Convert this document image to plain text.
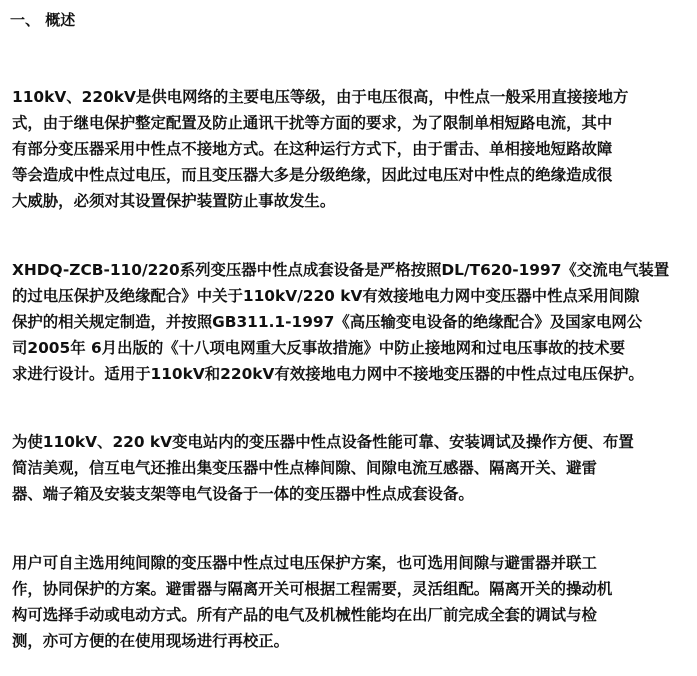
一、 概述
110kV、220kV是供电网络的主要电压等级，由于电压很高，中性点一般采用直接接地方
式，由于继电保护整定配置及防止通讯干扰等方面的要求，为了限制单相短路电流，其中
有部分变压器采用中性点不接地方式。在这种运行方式下，由于雷击、单相接地短路故障
等会造成中性点过电压，而且变压器大多是分级绝缘，因此过电压对中性点的绝缘造成很
大威胁，必须对其设置保护装置防止事故发生。
XHDQ-ZCB-110/220系列变压器中性点成套设备是严格按照DL/T620-1997《交流电气装置
的过电压保护及绝缘配合》中关于110kV/220 kV有效接地电力网中变压器中性点采用间隙
保护的相关规定制造，并按照GB311.1-1997《高压输变电设备的绝缘配合》及国家电网公
司2005年 6月出版的《十八项电网重大反事故措施》中防止接地网和过电压事故的技术要
求进行设计。适用于110kV和220kV有效接地电力网中不接地变压器的中性点过电压保护。
为使110kV、220 kV变电站内的变压器中性点设备性能可靠、安装调试及操作方便、布置
简洁美观，信互电气还推出集变压器中性点棒间隙、间隙电流互感器、隔离开关、避雷
器、端子箱及安装支架等电气设备于一体的变压器中性点成套设备。
用户可自主选用纯间隙的变压器中性点过电压保护方案，也可选用间隙与避雷器并联工
作，协同保护的方案。避雷器与隔离开关可根据工程需要，灵活组配。隔离开关的操动机
构可选择手动或电动方式。所有产品的电气及机械性能均在出厂前完成全套的调试与检
测，亦可方便的在使用现场进行再校正。
